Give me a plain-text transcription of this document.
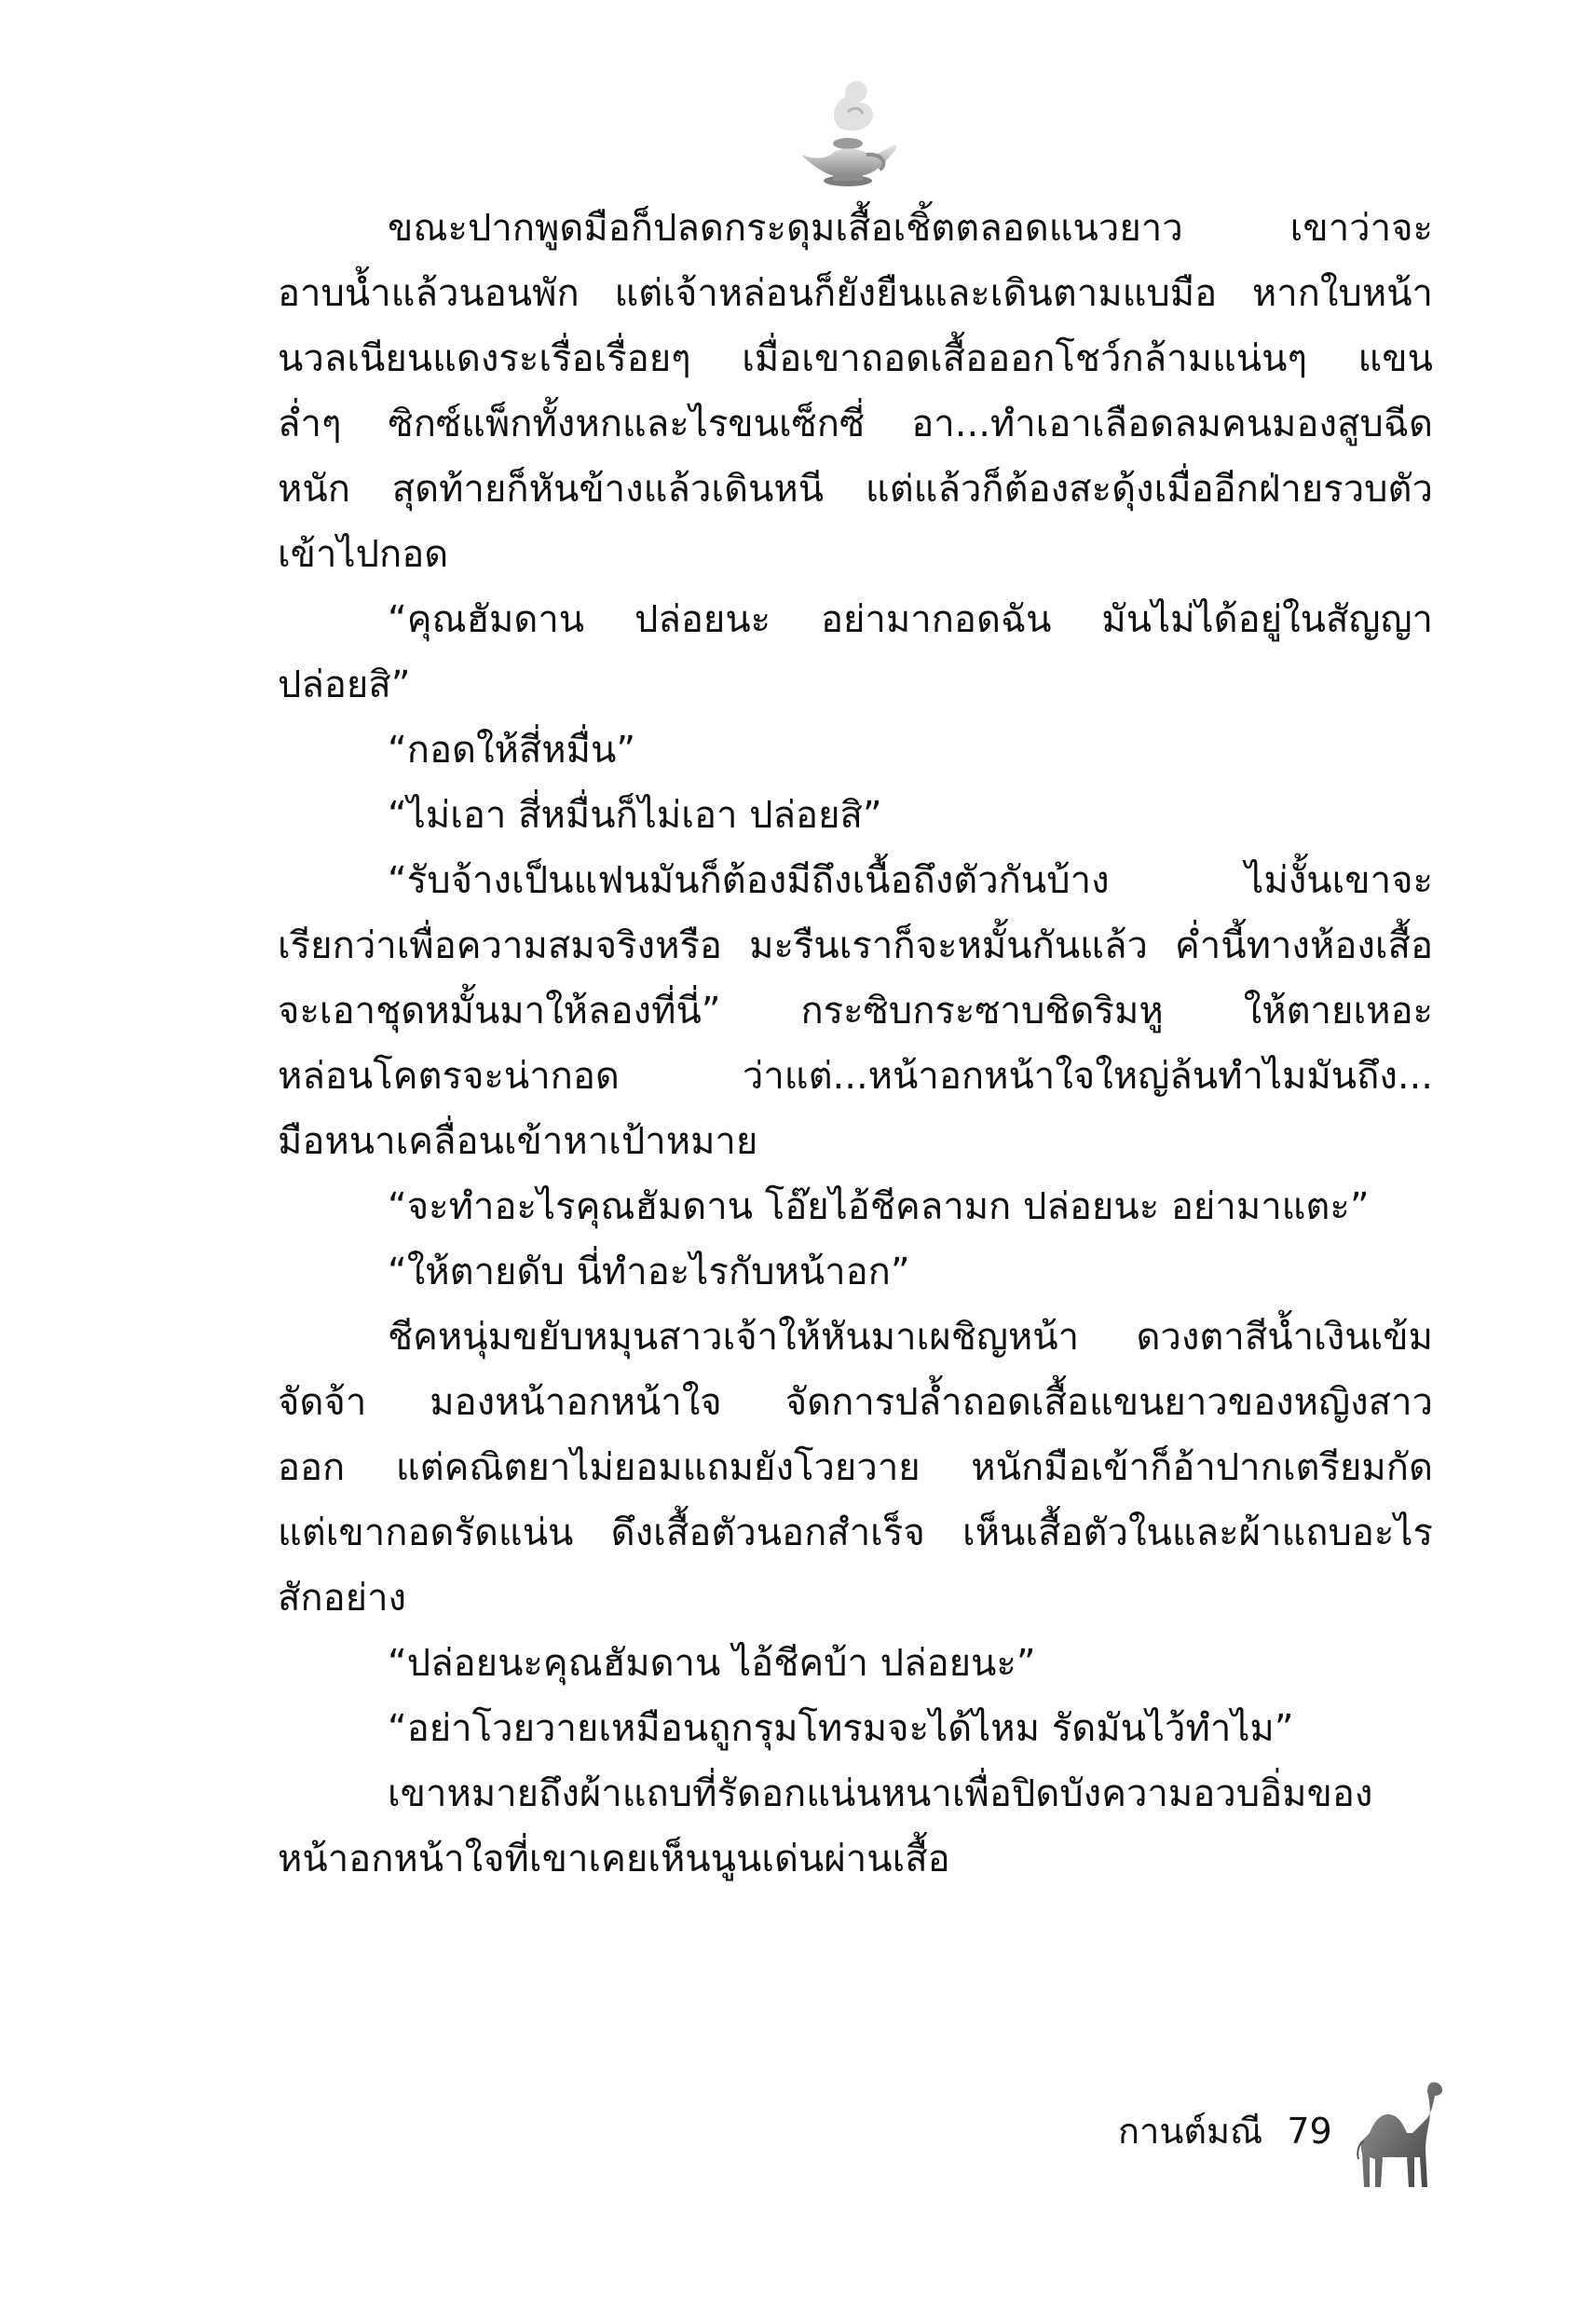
ขณะปากพูดมือก็ปลดกระดุมเสื้อเชิ้ตตลอดแนวยาว เขาว่าจะ
อาบน้ำแล้วนอนพัก แต่เจ้าหล่อนก็ยังยืนและเดินตามแบมือ หากใบหน้า
นวลเนียนแดงระเรื่อเรื่อยๆ เมื่อเขาถอดเสื้อออกโชว์กล้ามแน่นๆ แขน
ล่ำๆ ซิกซ์แพ็กทั้งหกและไรขนเซ็กซี่ อา...ทำเอาเลือดลมคนมองสูบฉีด
หนัก สุดท้ายก็หันข้างแล้วเดินหนี แต่แล้วก็ต้องสะดุ้งเมื่ออีกฝ่ายรวบตัว
เข้าไปกอด
“คุณฮัมดาน ปล่อยนะ อย่ามากอดฉัน มันไม่ได้อยู่ในสัญญา
ปล่อยสิ”
“กอดให้สี่หมื่น”
“ไม่เอา สี่หมื่นก็ไม่เอา ปล่อยสิ”
“รับจ้างเป็นแฟนมันก็ต้องมีถึงเนื้อถึงตัวกันบ้าง ไม่งั้นเขาจะ
เรียกว่าเพื่อความสมจริงหรือ มะรืนเราก็จะหมั้นกันแล้ว ค่ำนี้ทางห้องเสื้อ
จะเอาชุดหมั้นมาให้ลองที่นี่” กระซิบกระซาบชิดริมหู ให้ตายเหอะ
หล่อนโคตรจะน่ากอด ว่าแต่...หน้าอกหน้าใจใหญ่ล้นทำไมมันถึง...
มือหนาเคลื่อนเข้าหาเป้าหมาย
“จะทำอะไรคุณฮัมดาน โอ๊ยไอ้ชีคลามก ปล่อยนะ อย่ามาแตะ”
“ให้ตายดับ นี่ทำอะไรกับหน้าอก”
ชีคหนุ่มขยับหมุนสาวเจ้าให้หันมาเผชิญหน้า ดวงตาสีน้ำเงินเข้ม
จัดจ้า มองหน้าอกหน้าใจ จัดการปล้ำถอดเสื้อแขนยาวของหญิงสาว
ออก แต่คณิตยาไม่ยอมแถมยังโวยวาย หนักมือเข้าก็อ้าปากเตรียมกัด
แต่เขากอดรัดแน่น ดึงเสื้อตัวนอกสำเร็จ เห็นเสื้อตัวในและผ้าแถบอะไร
สักอย่าง
“ปล่อยนะคุณฮัมดาน ไอ้ชีคบ้า ปล่อยนะ”
“อย่าโวยวายเหมือนถูกรุมโทรมจะได้ไหม รัดมันไว้ทำไม”
เขาหมายถึงผ้าแถบที่รัดอกแน่นหนาเพื่อปิดบังความอวบอิ่มของ
หน้าอกหน้าใจที่เขาเคยเห็นนูนเด่นผ่านเสื้อ
กานต์มณี 79
